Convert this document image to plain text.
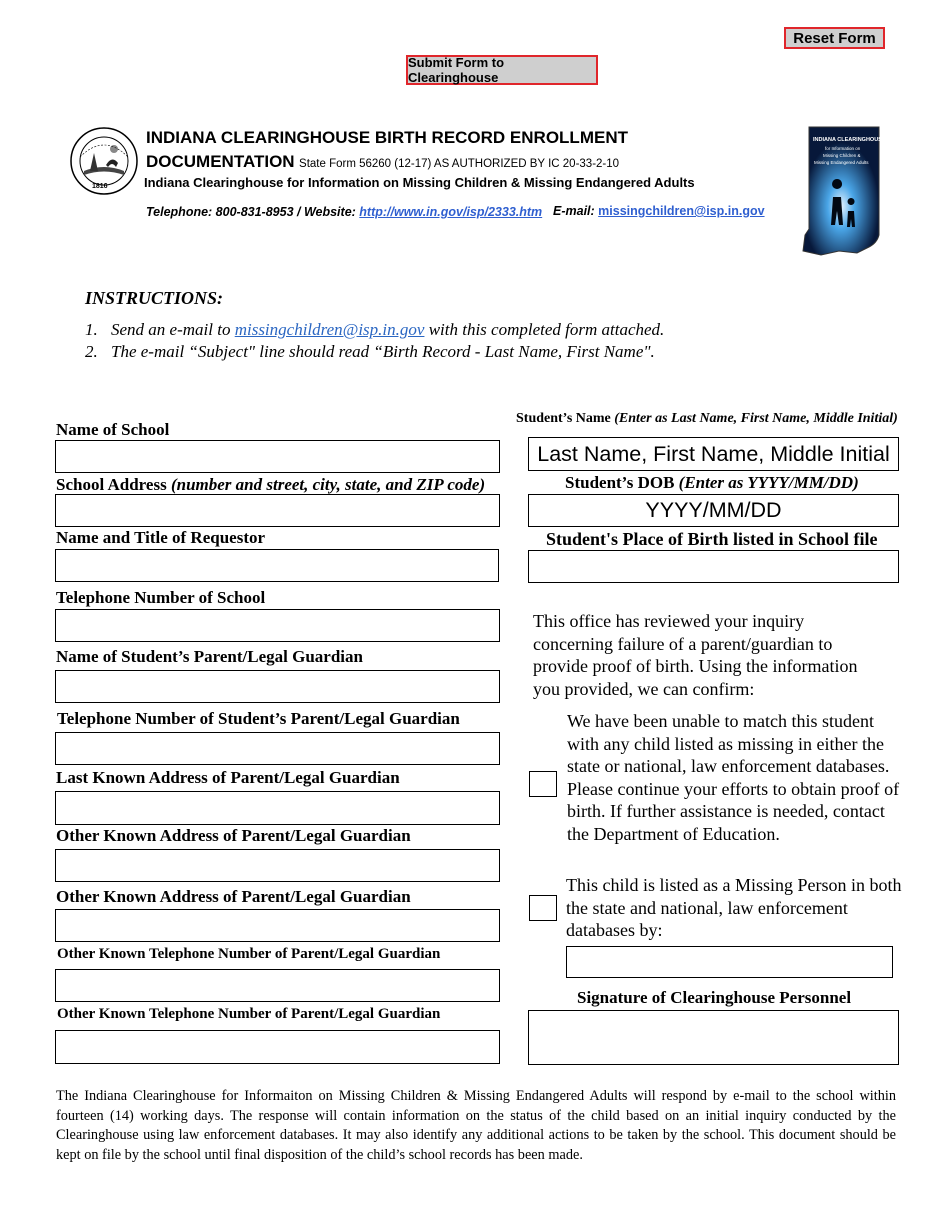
Reset Form
Submit Form to Clearinghouse
1816
INDIANA CLEARINGHOUSE BIRTH RECORD ENROLLMENT
DOCUMENTATION State Form 56260 (12-17) AS AUTHORIZED BY IC 20-33-2-10
Indiana Clearinghouse for Information on Missing Children & Missing Endangered Adults
Telephone: 800-831-8953 / Website: http://www.in.gov/isp/2333.htm E-mail: missingchildren@isp.in.gov
INDIANA CLEARINGHOUSE
for Information on
Missing Children &
Missing Endangered Adults
INSTRUCTIONS:
1. Send an e-mail to missingchildren@isp.in.gov with this completed form attached.
2. The e-mail “Subject" line should read “Birth Record - Last Name, First Name".
Name of School
School Address (number and street, city, state, and ZIP code)
Name and Title of Requestor
Telephone Number of School
Name of Student’s Parent/Legal Guardian
Telephone Number of Student’s Parent/Legal Guardian
Last Known Address of Parent/Legal Guardian
Other Known Address of Parent/Legal Guardian
Other Known Address of Parent/Legal Guardian
Other Known Telephone Number of Parent/Legal Guardian
Other Known Telephone Number of Parent/Legal Guardian
Student’s Name (Enter as Last Name, First Name, Middle Initial)
Last Name, First Name, Middle Initial
Student’s DOB (Enter as YYYY/MM/DD)
YYYY/MM/DD
Student's Place of Birth listed in School file
This office has reviewed your inquiry concerning failure of a parent/guardian to provide proof of birth. Using the information you provided, we can confirm:
We have been unable to match this student with any child listed as missing in either the state or national, law enforcement databases. Please continue your efforts to obtain proof of birth. If further assistance is needed, contact the Department of Education.
This child is listed as a Missing Person in both the state and national, law enforcement databases by:
Signature of Clearinghouse Personnel
The Indiana Clearinghouse for Informaiton on Missing Children & Missing Endangered Adults will respond by e-mail to the school within fourteen (14) working days. The response will contain information on the status of the child based on an initial inquiry conducted by the Clearinghouse using law enforcement databases. It may also identify any additional actions to be taken by the school. This document should be kept on file by the school until final disposition of the child’s school records has been made.
